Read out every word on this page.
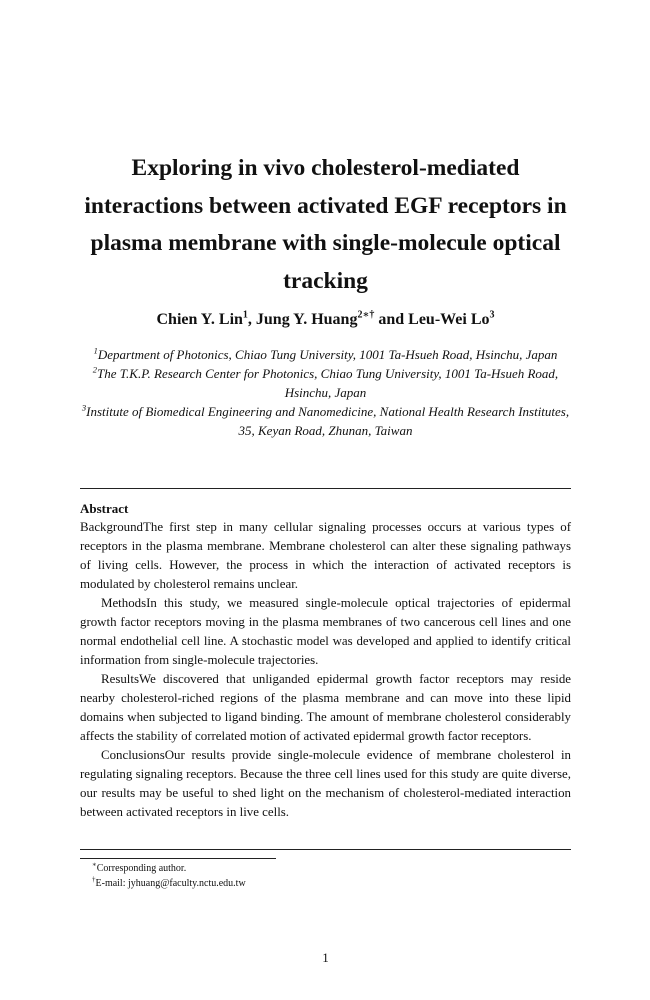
Exploring in vivo cholesterol-mediated interactions between activated EGF receptors in plasma membrane with single-molecule optical tracking
Chien Y. Lin$^1$, Jung Y. Huang$^{2∗\dagger}$ and Leu-Wei Lo$^3$

$^1$Department of Photonics, Chiao Tung University, 1001 Ta-Hsueh Road, Hsinchu, Japan

$^2$The T.K.P. Research Center for Photonics, Chiao Tung University, 1001 Ta-Hsueh Road, Hsinchu, Japan

$^3$Institute of Biomedical Engineering and Nanomedicine, National Health Research Institutes, 35, Keyan Road, Zhunan, Taiwan

Abstract

BackgroundThe first step in many cellular signaling processes occurs at various types of receptors in the plasma membrane. Membrane cholesterol can alter these signaling pathways of living cells. However, the process in which the interaction of activated receptors is modulated by cholesterol remains unclear.

MethodsIn this study, we measured single-molecule optical trajectories of epidermal growth factor receptors moving in the plasma membranes of two cancerous cell lines and one normal endothelial cell line. A stochastic model was developed and applied to identify critical information from single-molecule trajectories.

ResultsWe discovered that unliganded epidermal growth factor receptors may reside nearby cholesterol-riched regions of the plasma membrane and can move into these lipid domains when subjected to ligand binding. The amount of membrane cholesterol considerably affects the stability of correlated motion of activated epidermal growth factor receptors.

ConclusionsOur results provide single-molecule evidence of membrane cholesterol in regulating signaling receptors. Because the three cell lines used for this study are quite diverse, our results may be useful to shed light on the mechanism of cholesterol-mediated interaction between activated receptors in live cells.

∗Corresponding author.

†E-mail: jyhuang@faculty.nctu.edu.tw

1
